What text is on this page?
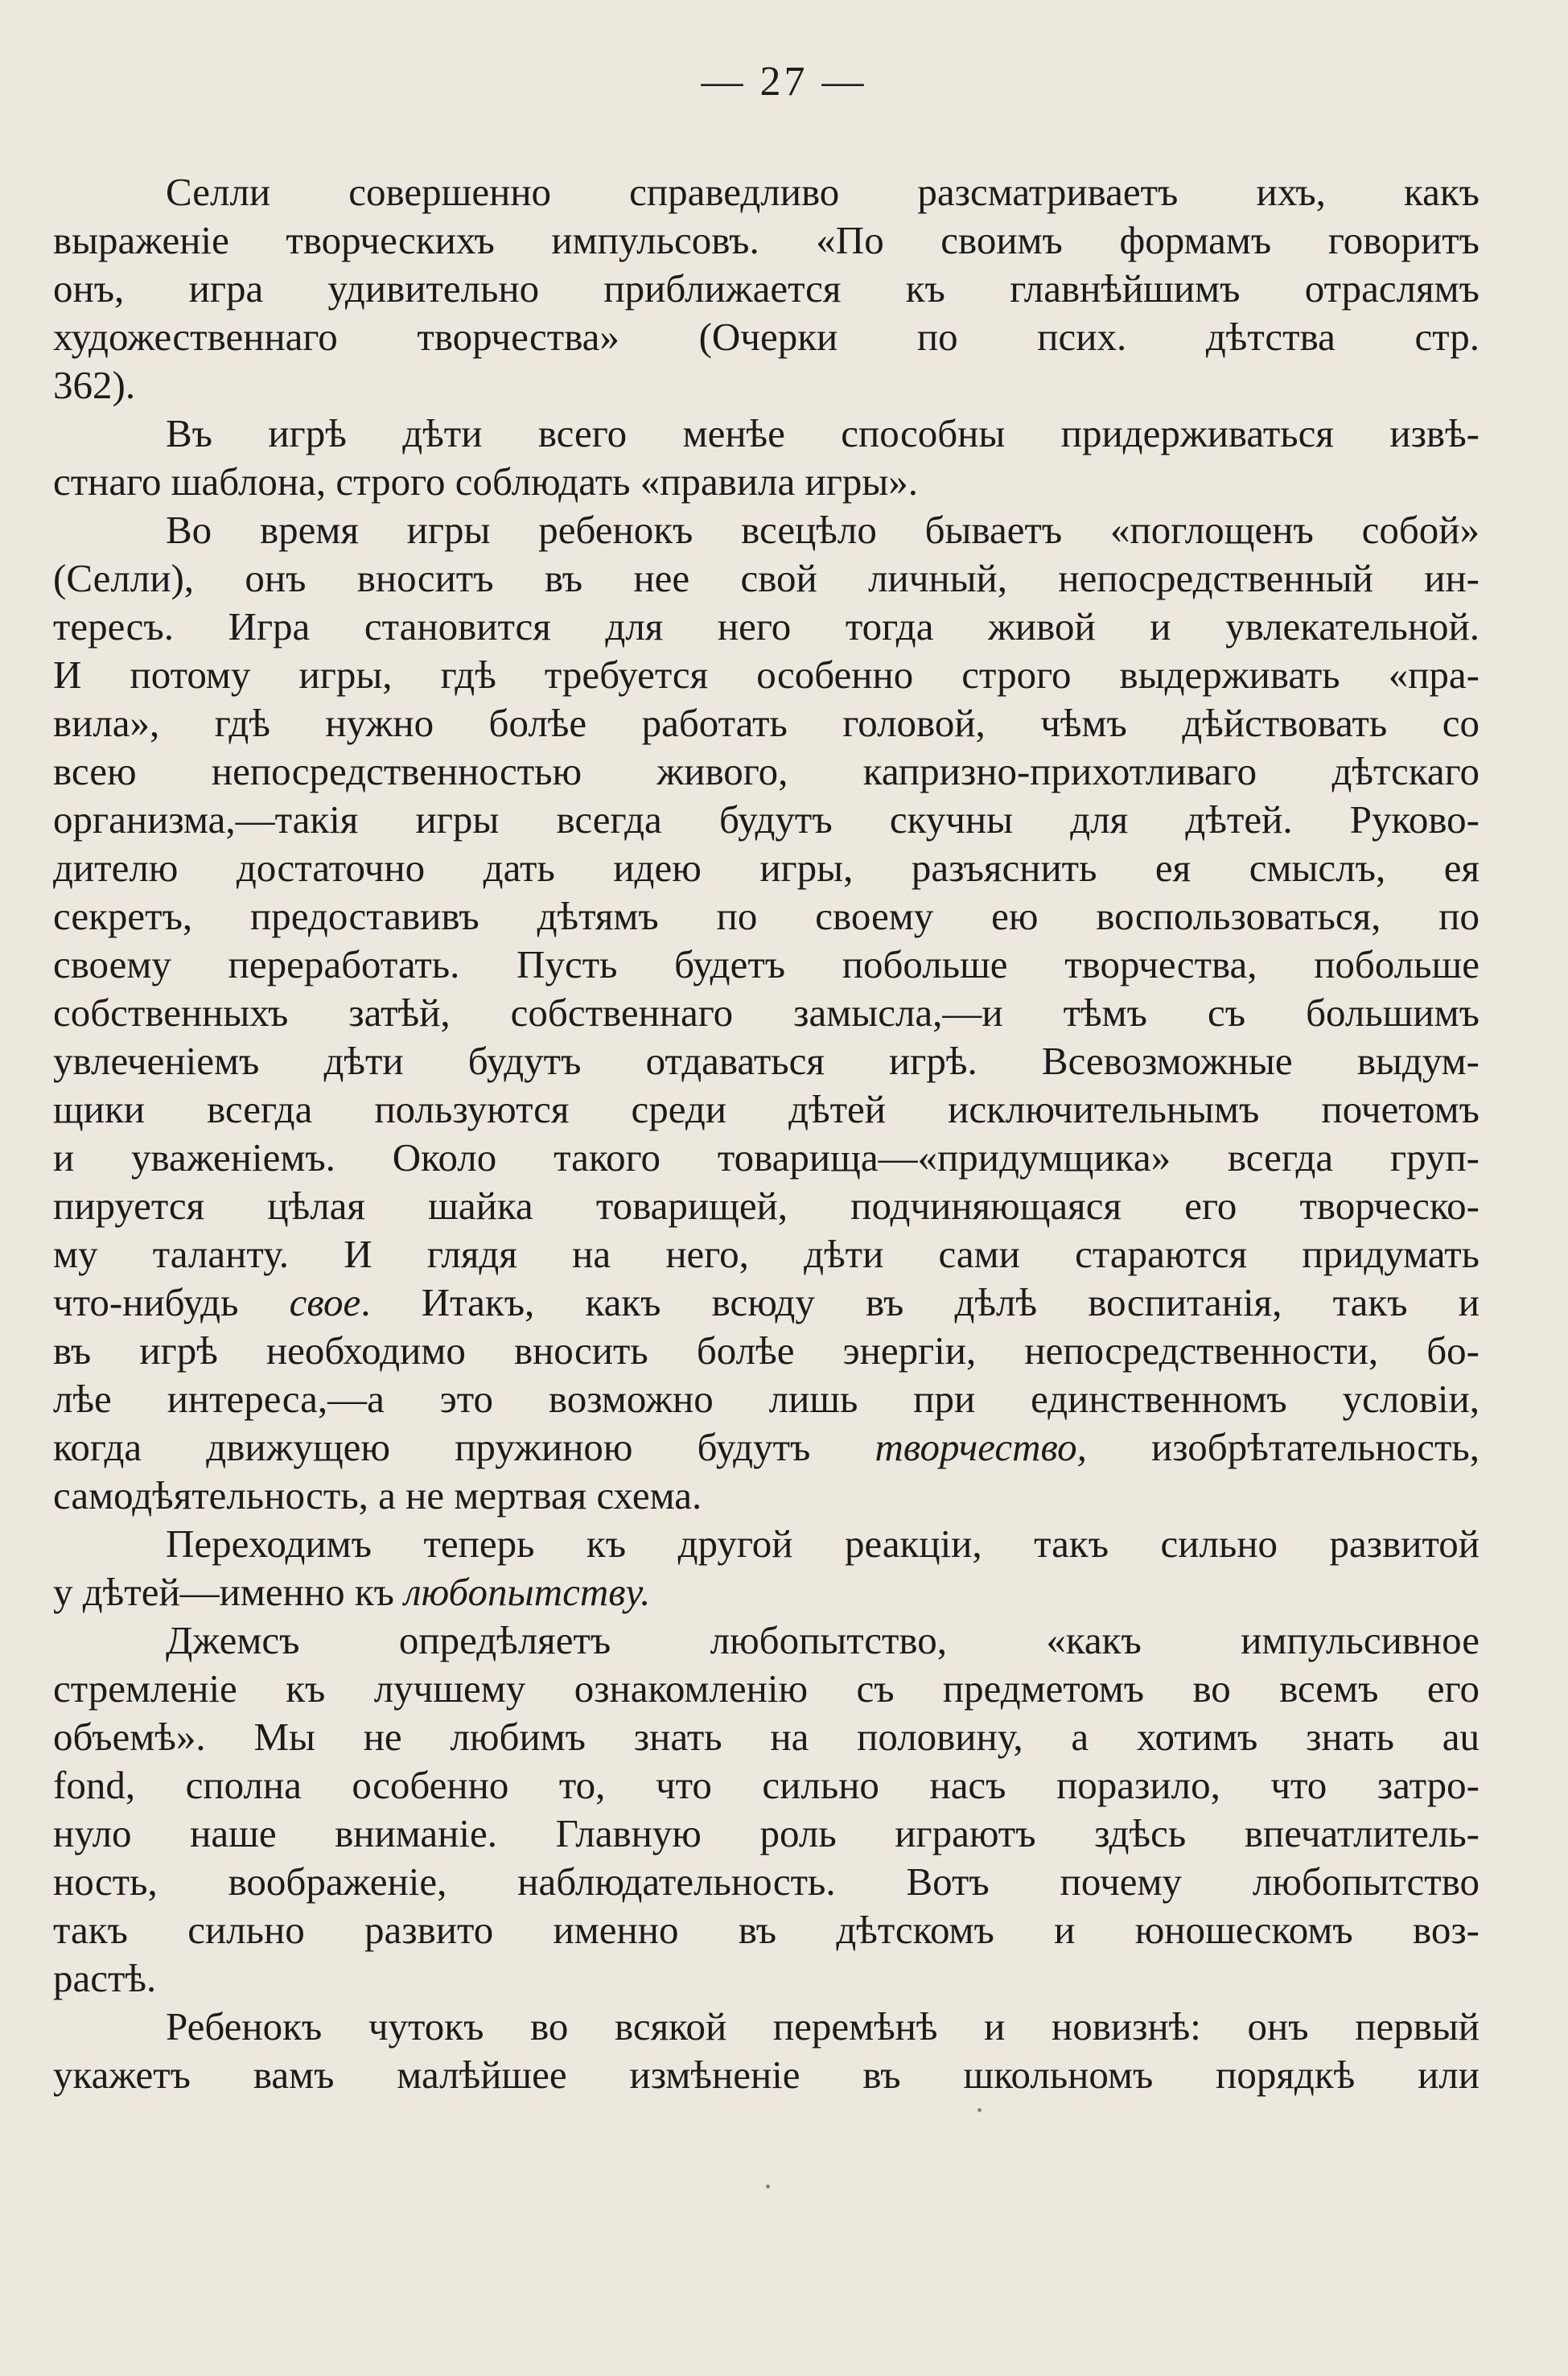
— 27 —
Селли совершенно справедливо разсматриваетъ ихъ, какъ
выраженіе творческихъ импульсовъ. «По своимъ формамъ говоритъ
онъ, игра удивительно приближается къ главнѣйшимъ отраслямъ
художественнаго творчества» (Очерки по псих. дѣтства стр.
362).
Въ игрѣ дѣти всего менѣе способны придерживаться извѣ-
стнаго шаблона, строго соблюдать «правила игры».
Во время игры ребенокъ всецѣло бываетъ «поглощенъ собой»
(Селли), онъ вноситъ въ нее свой личный, непосредственный ин-
тересъ. Игра становится для него тогда живой и увлекательной.
И потому игры, гдѣ требуется особенно строго выдерживать «пра-
вила», гдѣ нужно болѣе работать головой, чѣмъ дѣйствовать со
всею непосредственностью живого, капризно-прихотливаго дѣтскаго
организма,—такія игры всегда будутъ скучны для дѣтей. Руково-
дителю достаточно дать идею игры, разъяснить ея смыслъ, ея
секретъ, предоставивъ дѣтямъ по своему ею воспользоваться, по
своему переработать. Пусть будетъ побольше творчества, побольше
собственныхъ затѣй, собственнаго замысла,—и тѣмъ съ большимъ
увлеченіемъ дѣти будутъ отдаваться игрѣ. Всевозможные выдум-
щики всегда пользуются среди дѣтей исключительнымъ почетомъ
и уваженіемъ. Около такого товарища—«придумщика» всегда груп-
пируется цѣлая шайка товарищей, подчиняющаяся его творческо-
му таланту. И глядя на него, дѣти сами стараются придумать
что-нибудь свое. Итакъ, какъ всюду въ дѣлѣ воспитанія, такъ и
въ игрѣ необходимо вносить болѣе энергіи, непосредственности, бо-
лѣе интереса,—а это возможно лишь при единственномъ условіи,
когда движущею пружиною будутъ творчество, изобрѣтательность,
самодѣятельность, а не мертвая схема.
Переходимъ теперь къ другой реакціи, такъ сильно развитой
у дѣтей—именно къ любопытству.
Джемсъ опредѣляетъ любопытство, «какъ импульсивное
стремленіе къ лучшему ознакомленію съ предметомъ во всемъ его
объемѣ». Мы не любимъ знать на половину, а хотимъ знать au
fond, сполна особенно то, что сильно насъ поразило, что затро-
нуло наше вниманіе. Главную роль играютъ здѣсь впечатлитель-
ность, воображеніе, наблюдательность. Вотъ почему любопытство
такъ сильно развито именно въ дѣтскомъ и юношескомъ воз-
растѣ.
Ребенокъ чутокъ во всякой перемѣнѣ и новизнѣ: онъ первый
укажетъ вамъ малѣйшее измѣненіе въ школьномъ порядкѣ или
